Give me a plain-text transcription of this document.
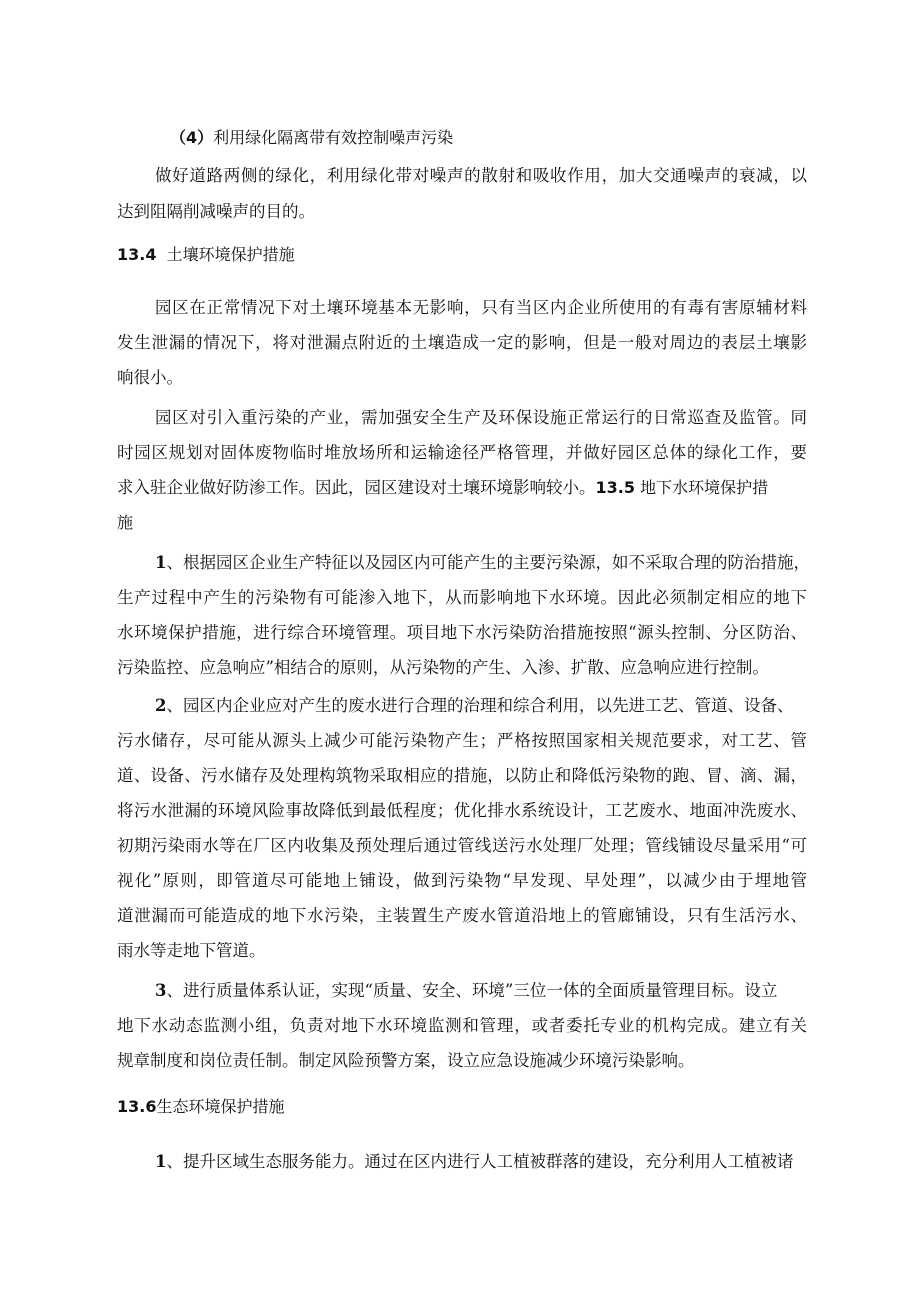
（4）利用绿化隔离带有效控制噪声污染
做好道路两侧的绿化，利用绿化带对噪声的散射和吸收作用，加大交通噪声的衰减，以
达到阻隔削减噪声的目的。
13.4 土壤环境保护措施
园区在正常情况下对土壤环境基本无影响，只有当区内企业所使用的有毒有害原辅材料
发生泄漏的情况下，将对泄漏点附近的土壤造成一定的影响，但是一般对周边的表层土壤影
响很小。
园区对引入重污染的产业，需加强安全生产及环保设施正常运行的日常巡查及监管。同
时园区规划对固体废物临时堆放场所和运输途径严格管理，并做好园区总体的绿化工作，要
求入驻企业做好防渗工作。因此，园区建设对土壤环境影响较小。13.5 地下水环境保护措
施
1、根据园区企业生产特征以及园区内可能产生的主要污染源，如不采取合理的防治措施，
生产过程中产生的污染物有可能渗入地下，从而影响地下水环境。因此必须制定相应的地下
水环境保护措施，进行综合环境管理。项目地下水污染防治措施按照“源头控制、分区防治、
污染监控、应急响应”相结合的原则，从污染物的产生、入渗、扩散、应急响应进行控制。
2、园区内企业应对产生的废水进行合理的治理和综合利用，以先进工艺、管道、设备、
污水储存，尽可能从源头上减少可能污染物产生；严格按照国家相关规范要求，对工艺、管
道、设备、污水储存及处理构筑物采取相应的措施，以防止和降低污染物的跑、冒、滴、漏，
将污水泄漏的环境风险事故降低到最低程度；优化排水系统设计，工艺废水、地面冲洗废水、
初期污染雨水等在厂区内收集及预处理后通过管线送污水处理厂处理；管线铺设尽量采用“可
视化”原则，即管道尽可能地上铺设，做到污染物“早发现、早处理”，以减少由于埋地管
道泄漏而可能造成的地下水污染，主装置生产废水管道沿地上的管廊铺设，只有生活污水、
雨水等走地下管道。
3、进行质量体系认证，实现“质量、安全、环境”三位一体的全面质量管理目标。设立
地下水动态监测小组，负责对地下水环境监测和管理，或者委托专业的机构完成。建立有关
规章制度和岗位责任制。制定风险预警方案，设立应急设施减少环境污染影响。
13.6生态环境保护措施
1、提升区域生态服务能力。通过在区内进行人工植被群落的建设，充分利用人工植被诸
